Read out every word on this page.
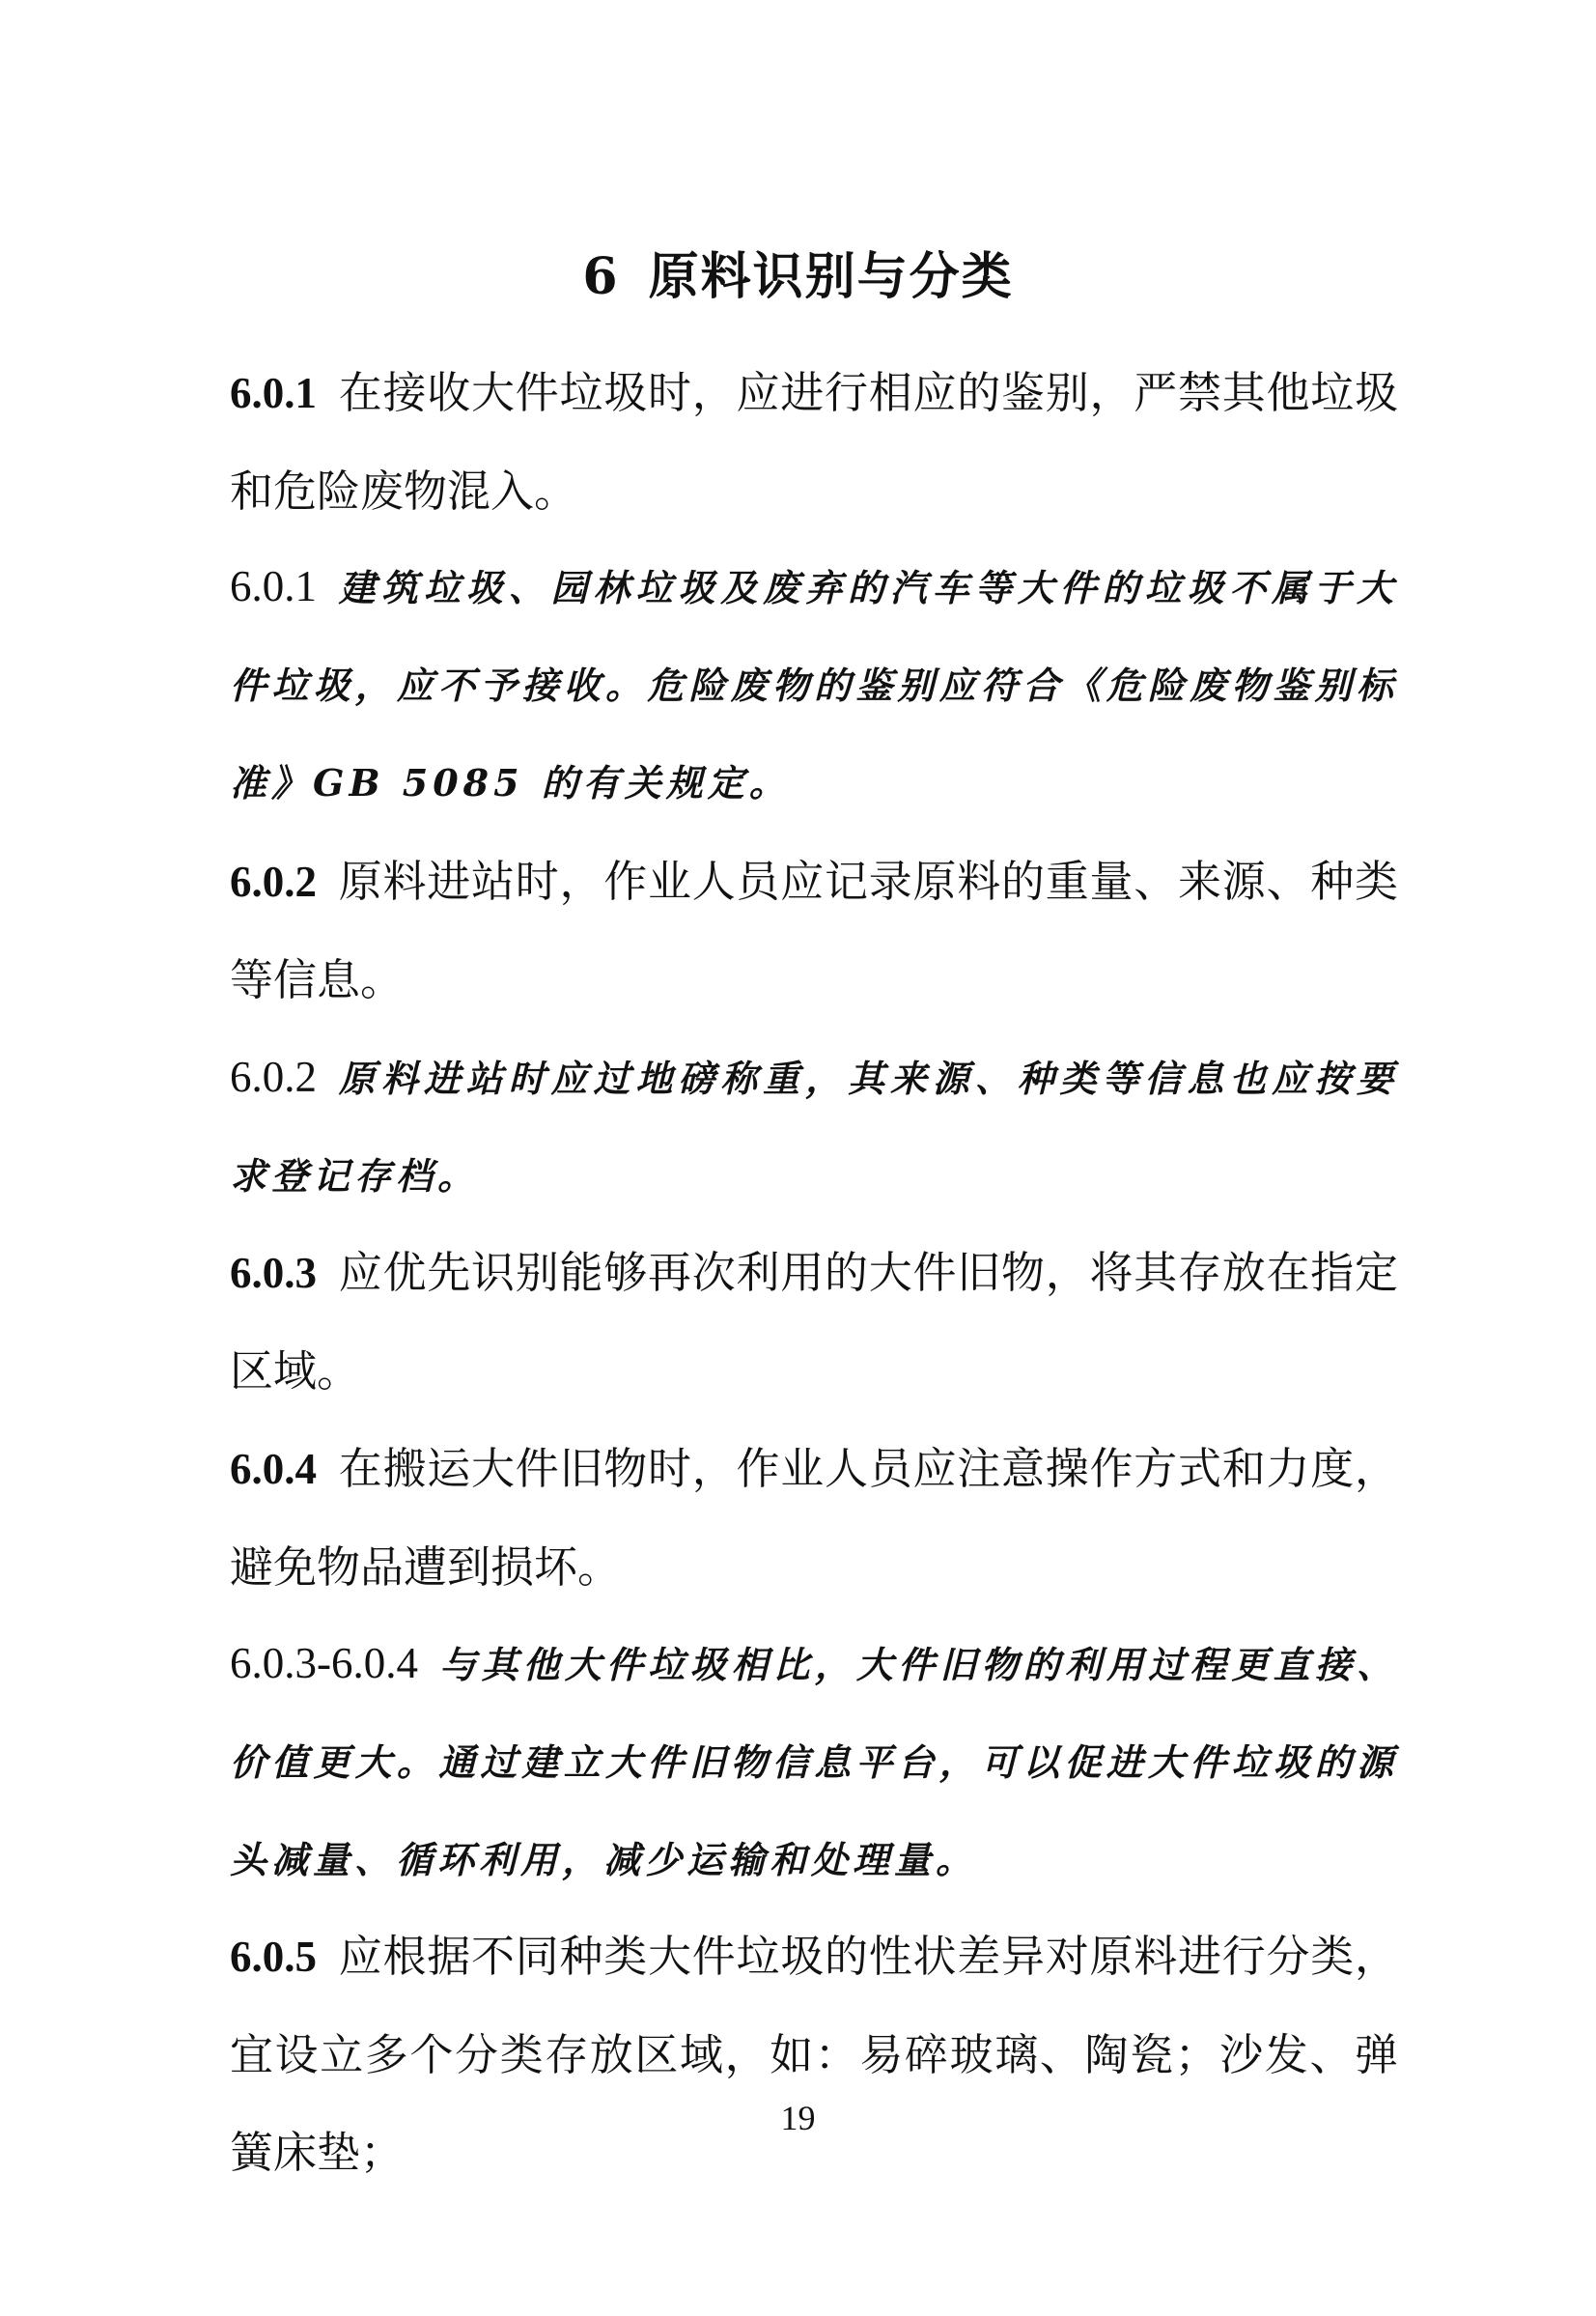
6 原料识别与分类
6.0.1 在接收大件垃圾时，应进行相应的鉴别，严禁其他垃圾和危险废物混入。
6.0.1 建筑垃圾、园林垃圾及废弃的汽车等大件的垃圾不属于大件垃圾，应不予接收。危险废物的鉴别应符合《危险废物鉴别标准》GB 5085 的有关规定。
6.0.2 原料进站时，作业人员应记录原料的重量、来源、种类等信息。
6.0.2 原料进站时应过地磅称重，其来源、种类等信息也应按要求登记存档。
6.0.3 应优先识别能够再次利用的大件旧物，将其存放在指定区域。
6.0.4 在搬运大件旧物时，作业人员应注意操作方式和力度，避免物品遭到损坏。
6.0.3-6.0.4 与其他大件垃圾相比，大件旧物的利用过程更直接、价值更大。通过建立大件旧物信息平台，可以促进大件垃圾的源头减量、循环利用，减少运输和处理量。
6.0.5 应根据不同种类大件垃圾的性状差异对原料进行分类，宜设立多个分类存放区域，如：易碎玻璃、陶瓷；沙发、弹簧床垫；
19
